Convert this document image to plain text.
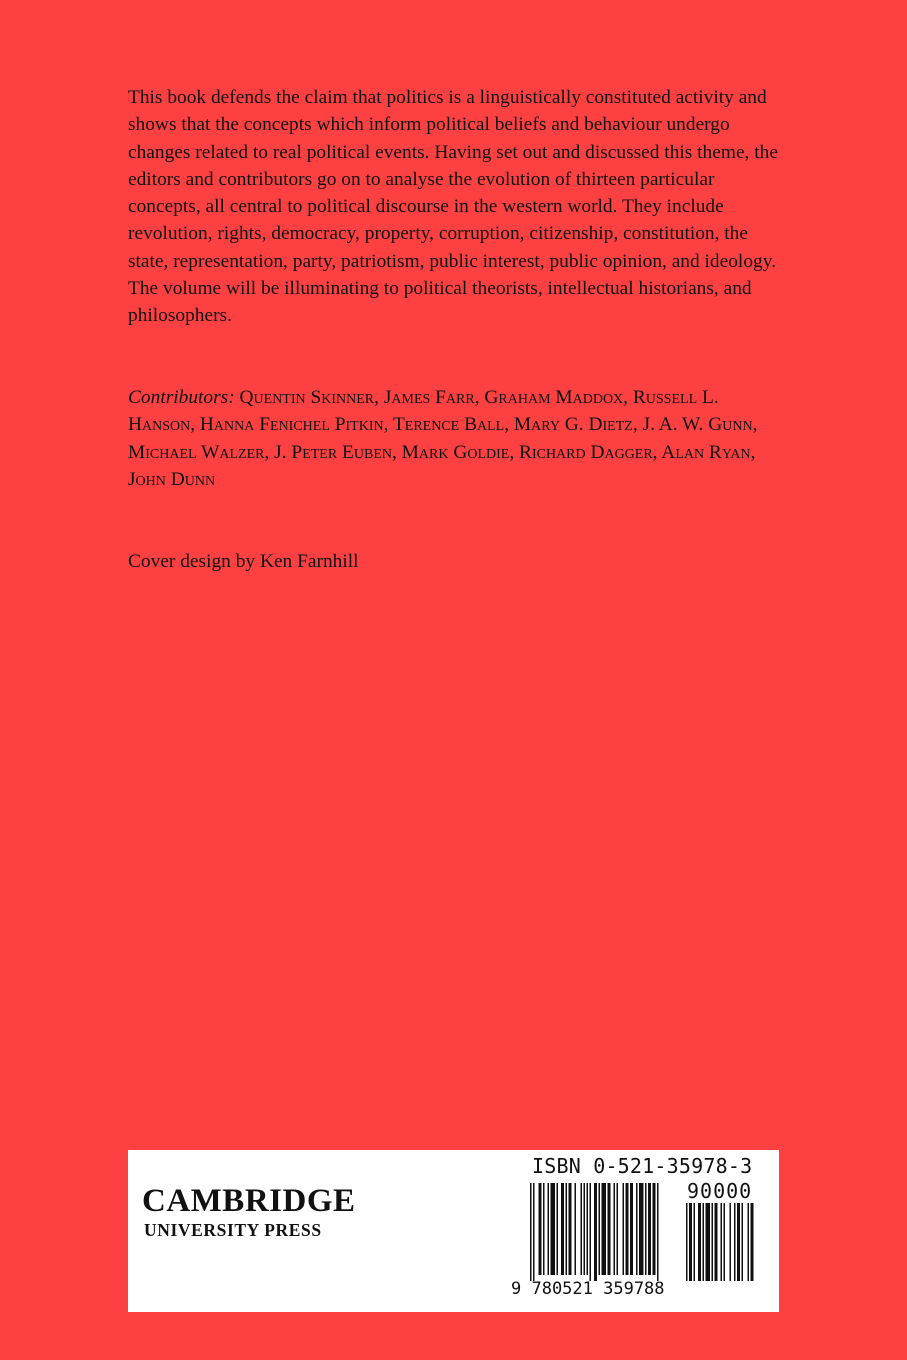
This book defends the claim that politics is a linguistically constituted activity and shows that the concepts which inform political beliefs and behaviour undergo changes related to real political events. Having set out and discussed this theme, the editors and contributors go on to analyse the evolution of thirteen particular concepts, all central to political discourse in the western world. They include revolution, rights, democracy, property, corruption, citizenship, constitution, the state, representation, party, patriotism, public interest, public opinion, and ideology. The volume will be illuminating to political theorists, intellectual historians, and philosophers.

Contributors: Quentin Skinner, James Farr, Graham Maddox, Russell L. Hanson, Hanna Fenichel Pitkin, Terence Ball, Mary G. Dietz, J. A. W. Gunn, Michael Walzer, J. Peter Euben, Mark Goldie, Richard Dagger, Alan Ryan, John Dunn

Cover design by Ken Farnhill

CAMBRIDGE
UNIVERSITY PRESS
ISBN 0-521-35978-3
90000
9 780521 359788
